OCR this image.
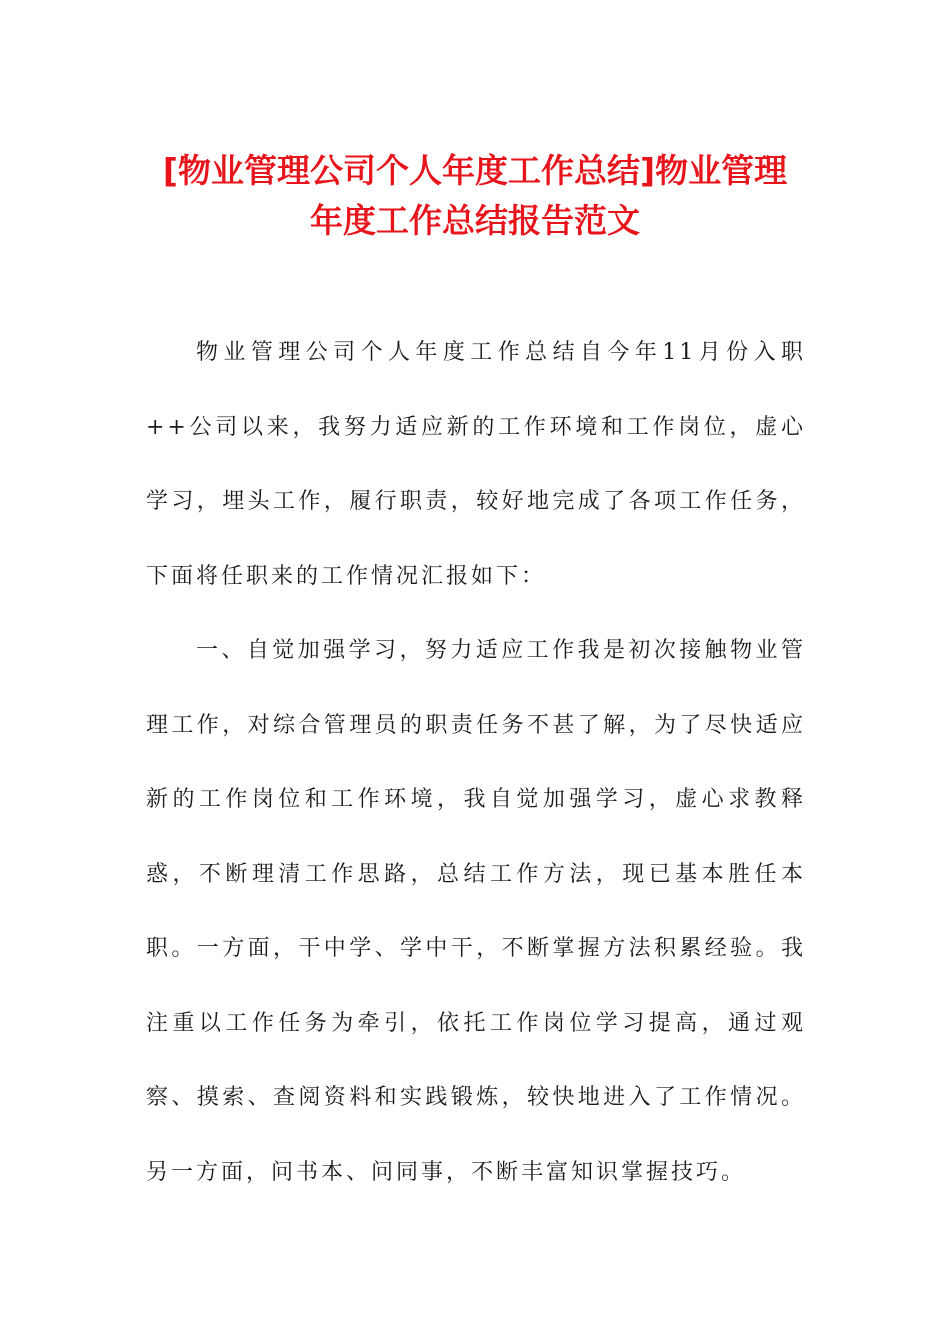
[物业管理公司个人年度工作总结]物业管理
年度工作总结报告范文

物业管理公司个人年度工作总结自今年11月份入职++公司以来，我努力适应新的工作环境和工作岗位，虚心学习，埋头工作，履行职责，较好地完成了各项工作任务，下面将任职来的工作情况汇报如下：

一、自觉加强学习，努力适应工作我是初次接触物业管理工作，对综合管理员的职责任务不甚了解，为了尽快适应新的工作岗位和工作环境，我自觉加强学习，虚心求教释惑，不断理清工作思路，总结工作方法，现已基本胜任本职。一方面，干中学、学中干，不断掌握方法积累经验。我注重以工作任务为牵引，依托工作岗位学习提高，通过观察、摸索、查阅资料和实践锻炼，较快地进入了工作情况。另一方面，问书本、问同事，不断丰富知识掌握技巧。
